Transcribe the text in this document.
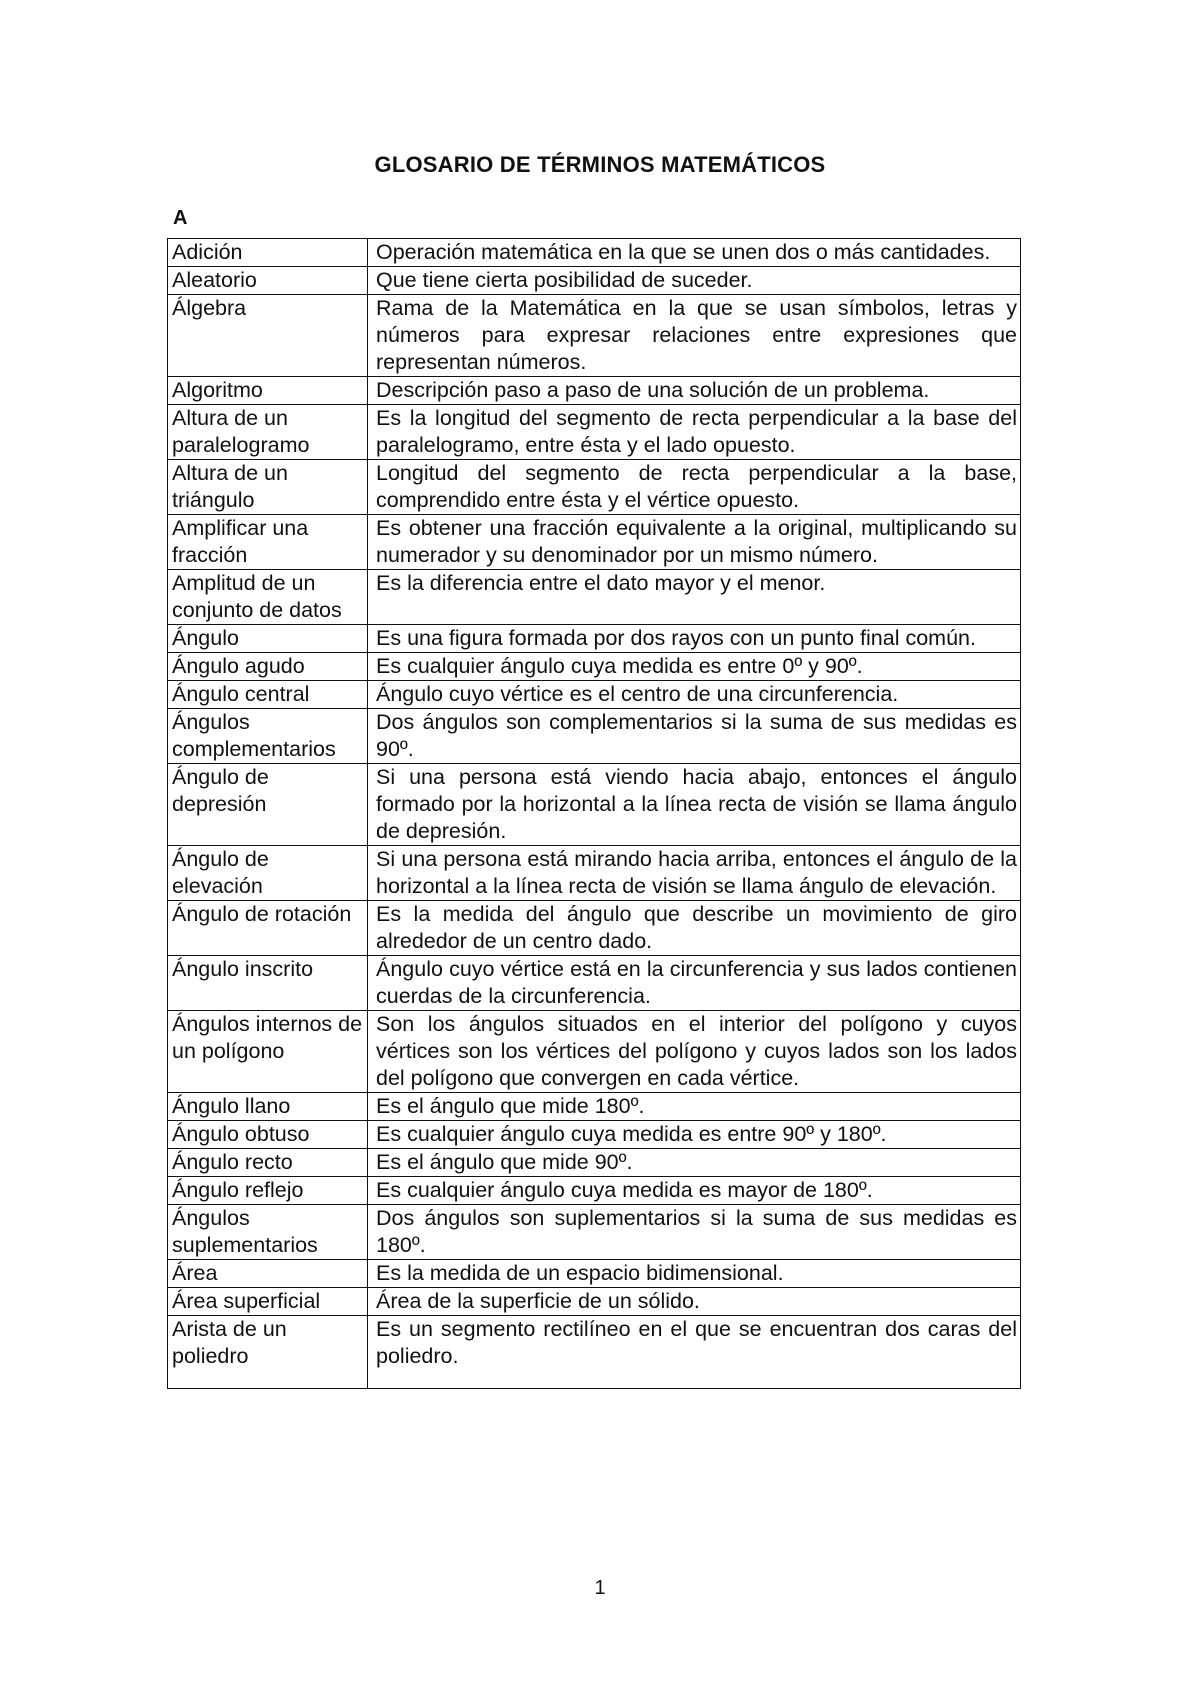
GLOSARIO DE TÉRMINOS MATEMÁTICOS
A
Adición	Operación matemática en la que se unen dos o más cantidades.
Aleatorio	Que tiene cierta posibilidad de suceder.
Álgebra	Rama de la Matemática en la que se usan símbolos, letras y números para expresar relaciones entre expresiones que representan números.
Algoritmo	Descripción paso a paso de una solución de un problema.
Altura de un paralelogramo	Es la longitud del segmento de recta perpendicular a la base del paralelogramo, entre ésta y el lado opuesto.
Altura de un triángulo	Longitud del segmento de recta perpendicular a la base, comprendido entre ésta y el vértice opuesto.
Amplificar una fracción	Es obtener una fracción equivalente a la original, multiplicando su numerador y su denominador por un mismo número.
Amplitud de un conjunto de datos	Es la diferencia entre el dato mayor y el menor.
Ángulo	Es una figura formada por dos rayos con un punto final común.
Ángulo agudo	Es cualquier ángulo cuya medida es entre 0º y 90º.
Ángulo central	Ángulo cuyo vértice es el centro de una circunferencia.
Ángulos complementarios	Dos ángulos son complementarios si la suma de sus medidas es 90º.
Ángulo de depresión	Si una persona está viendo hacia abajo, entonces el ángulo formado por la horizontal a la línea recta de visión se llama ángulo de depresión.
Ángulo de elevación	Si una persona está mirando hacia arriba, entonces el ángulo de la horizontal a la línea recta de visión se llama ángulo de elevación.
Ángulo de rotación	Es la medida del ángulo que describe un movimiento de giro alrededor de un centro dado.
Ángulo inscrito	Ángulo cuyo vértice está en la circunferencia y sus lados contienen cuerdas de la circunferencia.
Ángulos internos de un polígono	Son los ángulos situados en el interior del polígono y cuyos vértices son los vértices del polígono y cuyos lados son los lados del polígono que convergen en cada vértice.
Ángulo llano	Es el ángulo que mide 180º.
Ángulo obtuso	Es cualquier ángulo cuya medida es entre 90º y 180º.
Ángulo recto	Es el ángulo que mide 90º.
Ángulo reflejo	Es cualquier ángulo cuya medida es mayor de 180º.
Ángulos suplementarios	Dos ángulos son suplementarios si la suma de sus medidas es 180º.
Área	Es la medida de un espacio bidimensional.
Área superficial	Área de la superficie de un sólido.
Arista de un poliedro	Es un segmento rectilíneo en el que se encuentran dos caras del poliedro.
1
